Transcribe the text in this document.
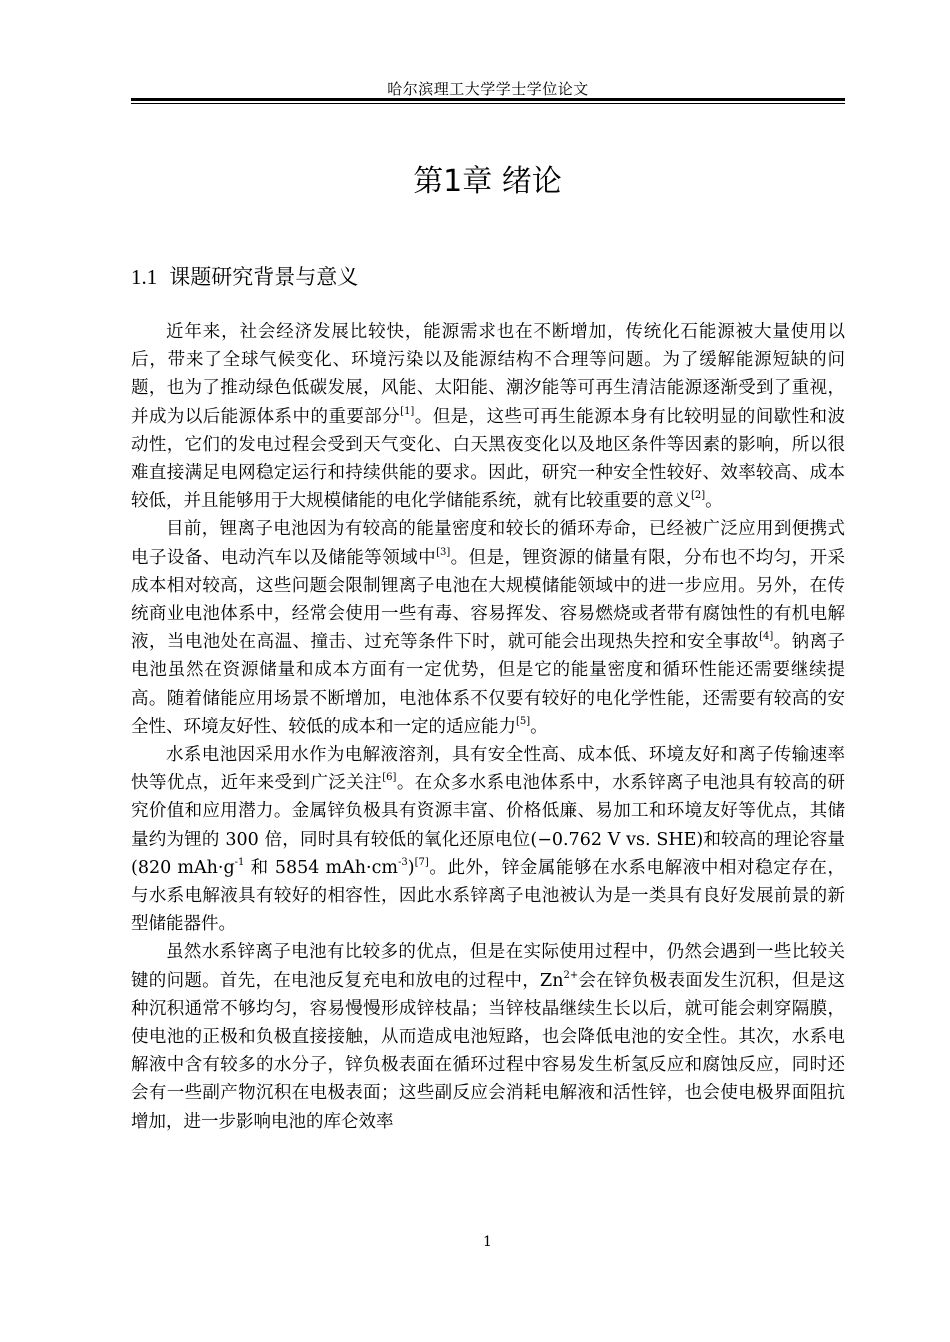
哈尔滨理工大学学士学位论文
第1章 绪论
1.1 课题研究背景与意义

近年来，社会经济发展比较快，能源需求也在不断增加，传统化石能源被大量使用以后，带来了全球气候变化、环境污染以及能源结构不合理等问题。为了缓解能源短缺的问题，也为了推动绿色低碳发展，风能、太阳能、潮汐能等可再生清洁能源逐渐受到了重视，并成为以后能源体系中的重要部分[1]。但是，这些可再生能源本身有比较明显的间歇性和波动性，它们的发电过程会受到天气变化、白天黑夜变化以及地区条件等因素的影响，所以很难直接满足电网稳定运行和持续供能的要求。因此，研究一种安全性较好、效率较高、成本较低，并且能够用于大规模储能的电化学储能系统，就有比较重要的意义[2]。

目前，锂离子电池因为有较高的能量密度和较长的循环寿命，已经被广泛应用到便携式电子设备、电动汽车以及储能等领域中[3]。但是，锂资源的储量有限，分布也不均匀，开采成本相对较高，这些问题会限制锂离子电池在大规模储能领域中的进一步应用。另外，在传统商业电池体系中，经常会使用一些有毒、容易挥发、容易燃烧或者带有腐蚀性的有机电解液，当电池处在高温、撞击、过充等条件下时，就可能会出现热失控和安全事故[4]。钠离子电池虽然在资源储量和成本方面有一定优势，但是它的能量密度和循环性能还需要继续提高。随着储能应用场景不断增加，电池体系不仅要有较好的电化学性能，还需要有较高的安全性、环境友好性、较低的成本和一定的适应能力[5]。

水系电池因采用水作为电解液溶剂，具有安全性高、成本低、环境友好和离子传输速率快等优点，近年来受到广泛关注[6]。在众多水系电池体系中，水系锌离子电池具有较高的研究价值和应用潜力。金属锌负极具有资源丰富、价格低廉、易加工和环境友好等优点，其储量约为锂的 300 倍，同时具有较低的氧化还原电位(−0.762 V vs. SHE)和较高的理论容量(820 $mAh\cdot g^{-1}$ 和 5854 $mAh\cdot cm^{-3})[7]$。此外，锌金属能够在水系电解液中相对稳定存在，与水系电解液具有较好的相容性，因此水系锌离子电池被认为是一类具有良好发展前景的新型储能器件。

虽然水系锌离子电池有比较多的优点，但是在实际使用过程中，仍然会遇到一些比较关键的问题。首先，在电池反复充电和放电的过程中，$Zn^{2+}$会在锌负极表面发生沉积，但是这种沉积通常不够均匀，容易慢慢形成锌枝晶；当锌枝晶继续生长以后，就可能会刺穿隔膜，使电池的正极和负极直接接触，从而造成电池短路，也会降低电池的安全性。其次，水系电解液中含有较多的水分子，锌负极表面在循环过程中容易发生析氢反应和腐蚀反应，同时还会有一些副产物沉积在电极表面；这些副反应会消耗电解液和活性锌，也会使电极界面阻抗增加，进一步影响电池的库仑效率

1
